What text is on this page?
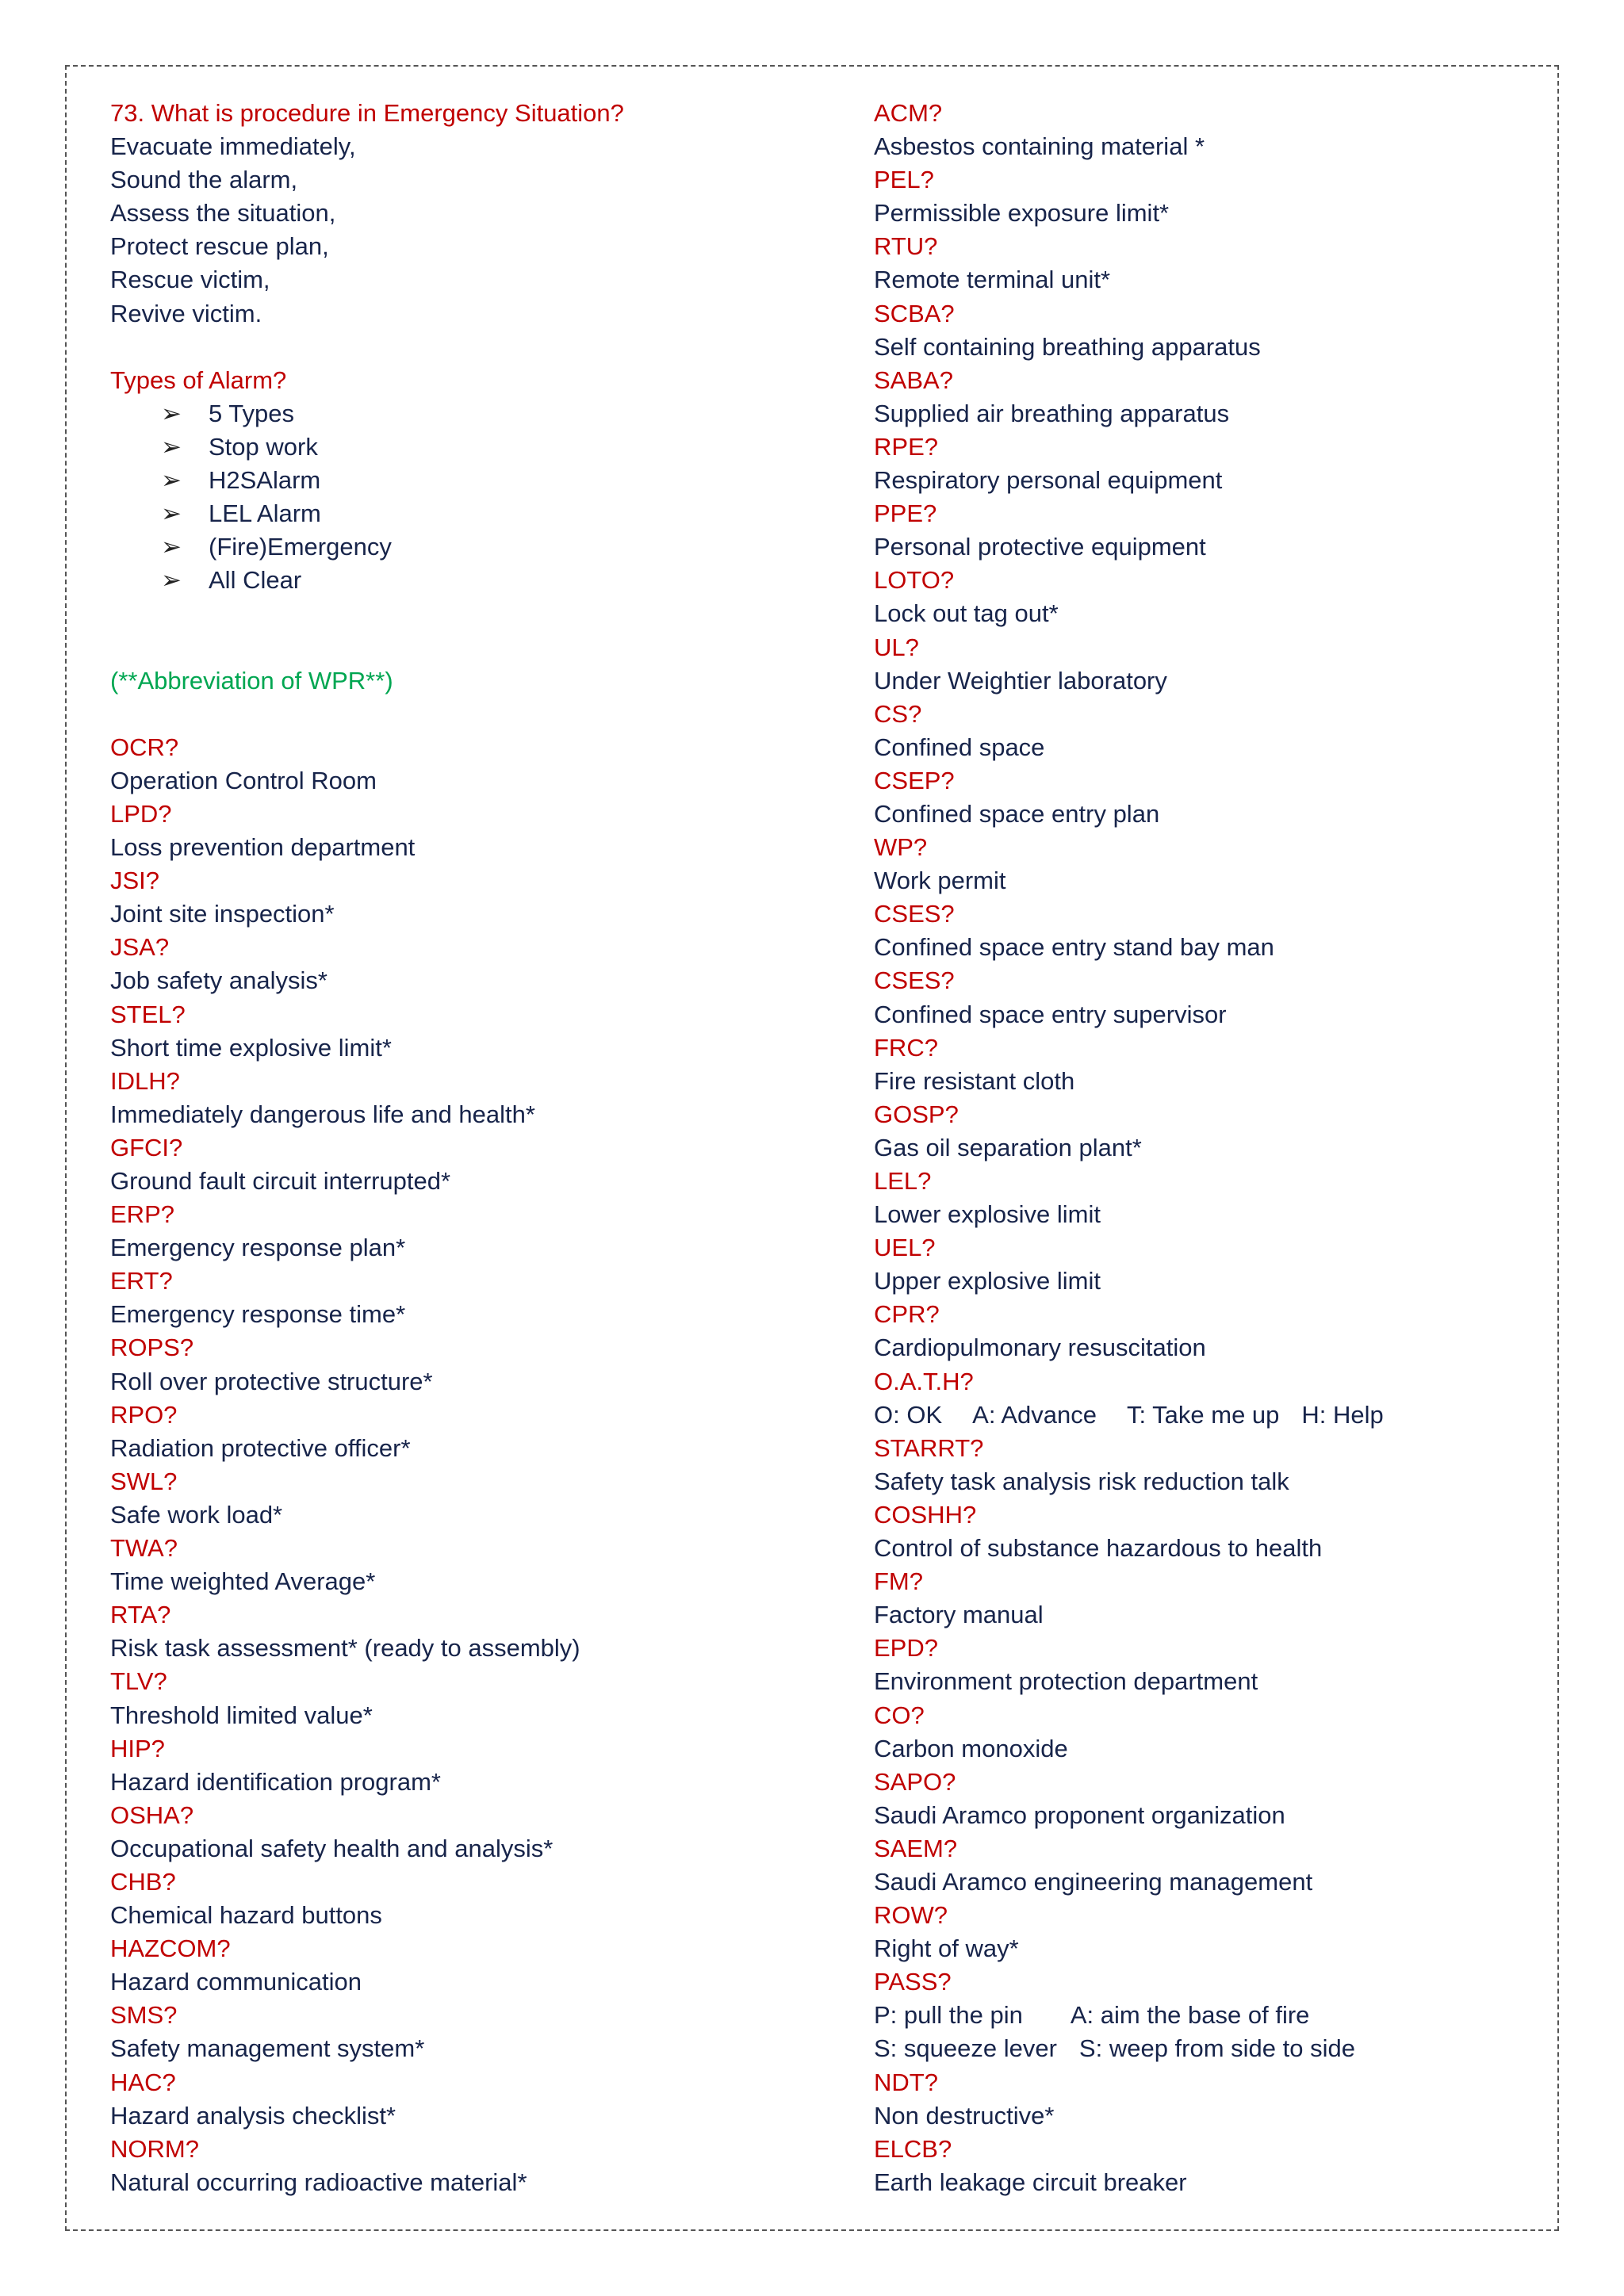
73. What is procedure in Emergency Situation?
Evacuate immediately,
Sound the alarm,
Assess the situation,
Protect rescue plan,
Rescue victim,
Revive victim.
Types of Alarm?
➢ 5 Types
➢ Stop work
➢ H2SAlarm
➢ LEL Alarm
➢ (Fire)Emergency
➢ All Clear
(**Abbreviation of WPR**)
OCR?
Operation Control Room
LPD?
Loss prevention department
JSI?
Joint site inspection*
JSA?
Job safety analysis*
STEL?
Short time explosive limit*
IDLH?
Immediately dangerous life and health*
GFCI?
Ground fault circuit interrupted*
ERP?
Emergency response plan*
ERT?
Emergency response time*
ROPS?
Roll over protective structure*
RPO?
Radiation protective officer*
SWL?
Safe work load*
TWA?
Time weighted Average*
RTA?
Risk task assessment* (ready to assembly)
TLV?
Threshold limited value*
HIP?
Hazard identification program*
OSHA?
Occupational safety health and analysis*
CHB?
Chemical hazard buttons
HAZCOM?
Hazard communication
SMS?
Safety management system*
HAC?
Hazard analysis checklist*
NORM?
Natural occurring radioactive material*
ACM?
Asbestos containing material *
PEL?
Permissible exposure limit*
RTU?
Remote terminal unit*
SCBA?
Self containing breathing apparatus
SABA?
Supplied air breathing apparatus
RPE?
Respiratory personal equipment
PPE?
Personal protective equipment
LOTO?
Lock out tag out*
UL?
Under Weightier laboratory
CS?
Confined space
CSEP?
Confined space entry plan
WP?
Work permit
CSES?
Confined space entry stand bay man
CSES?
Confined space entry supervisor
FRC?
Fire resistant cloth
GOSP?
Gas oil separation plant*
LEL?
Lower explosive limit
UEL?
Upper explosive limit
CPR?
Cardiopulmonary resuscitation
O.A.T.H?
O: OK A: Advance T: Take me up H: Help
STARRT?
Safety task analysis risk reduction talk
COSHH?
Control of substance hazardous to health
FM?
Factory manual
EPD?
Environment protection department
CO?
Carbon monoxide
SAPO?
Saudi Aramco proponent organization
SAEM?
Saudi Aramco engineering management
ROW?
Right of way*
PASS?
P: pull the pin A: aim the base of fire
S: squeeze lever S: weep from side to side
NDT?
Non destructive*
ELCB?
Earth leakage circuit breaker
